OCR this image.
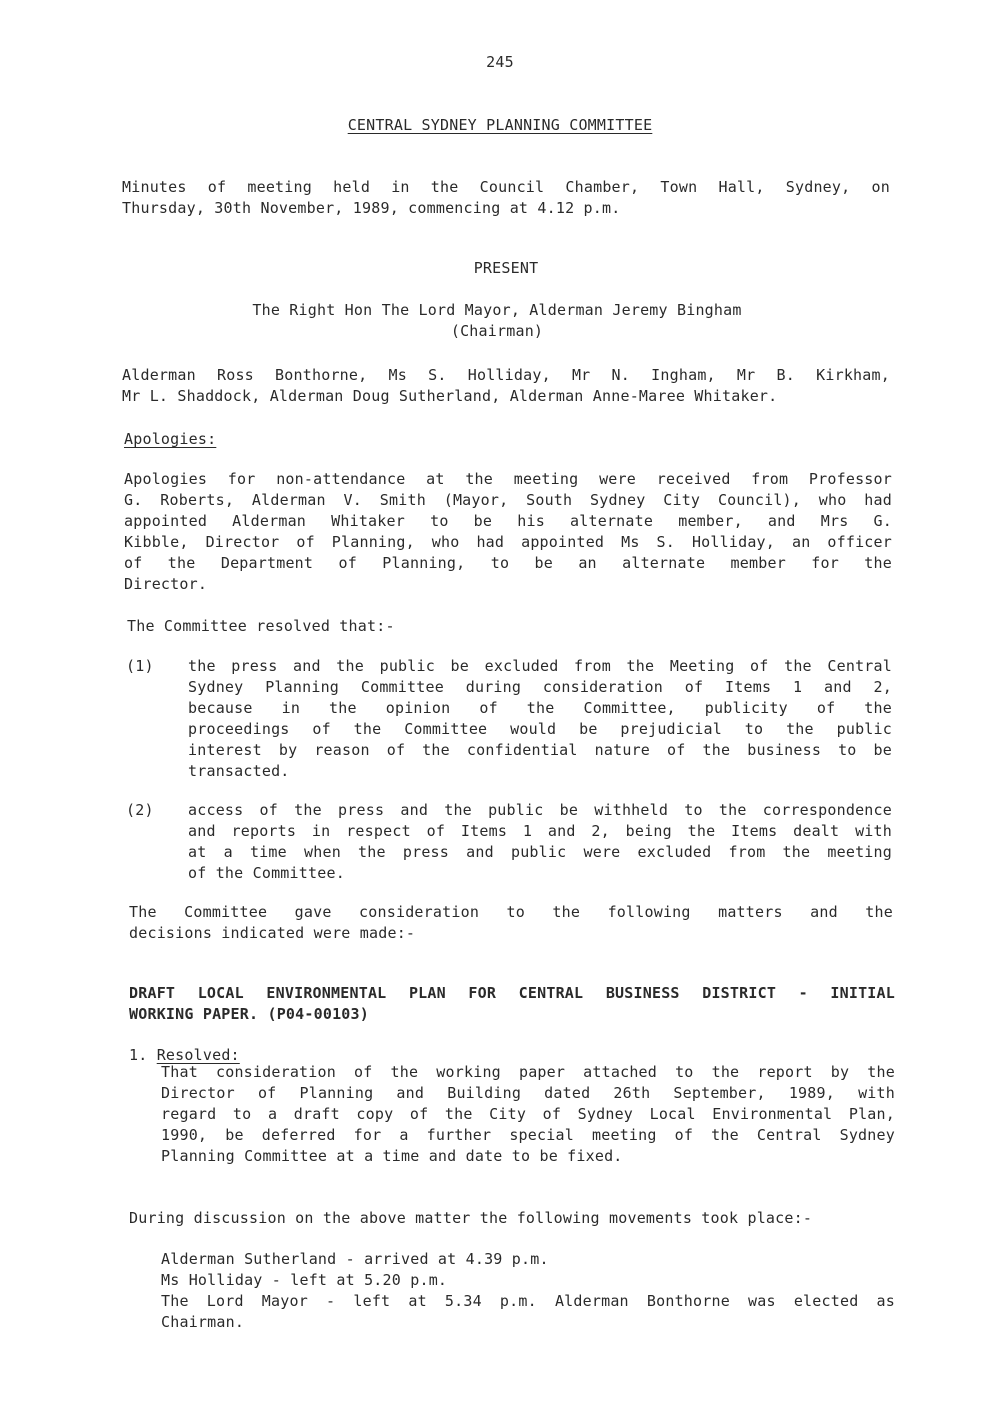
245
CENTRAL SYDNEY PLANNING COMMITTEE
Minutes of meeting held in the Council Chamber, Town Hall, Sydney, on
Thursday, 30th November, 1989, commencing at 4.12 p.m.
PRESENT
The Right Hon The Lord Mayor, Alderman Jeremy Bingham
(Chairman)
Alderman Ross Bonthorne, Ms S. Holliday, Mr N. Ingham, Mr B. Kirkham,
Mr L. Shaddock, Alderman Doug Sutherland, Alderman Anne-Maree Whitaker.
Apologies:
Apologies for non-attendance at the meeting were received from Professor
G. Roberts, Alderman V. Smith (Mayor, South Sydney City Council), who had
appointed Alderman Whitaker to be his alternate member, and Mrs G.
Kibble, Director of Planning, who had appointed Ms S. Holliday, an officer
of the Department of Planning, to be an alternate member for the
Director.
The Committee resolved that:-
(1) the press and the public be excluded from the Meeting of the Central
Sydney Planning Committee during consideration of Items 1 and 2,
because in the opinion of the Committee, publicity of the
proceedings of the Committee would be prejudicial to the public
interest by reason of the confidential nature of the business to be
transacted.
(2) access of the press and the public be withheld to the correspondence
and reports in respect of Items 1 and 2, being the Items dealt with
at a time when the press and public were excluded from the meeting
of the Committee.
The Committee gave consideration to the following matters and the
decisions indicated were made:-
DRAFT LOCAL ENVIRONMENTAL PLAN FOR CENTRAL BUSINESS DISTRICT - INITIAL
WORKING PAPER. (P04-00103)
1. Resolved:
That consideration of the working paper attached to the report by the
Director of Planning and Building dated 26th September, 1989, with
regard to a draft copy of the City of Sydney Local Environmental Plan,
1990, be deferred for a further special meeting of the Central Sydney
Planning Committee at a time and date to be fixed.
During discussion on the above matter the following movements took place:-
Alderman Sutherland - arrived at 4.39 p.m.
Ms Holliday - left at 5.20 p.m.
The Lord Mayor - left at 5.34 p.m. Alderman Bonthorne was elected as
Chairman.
